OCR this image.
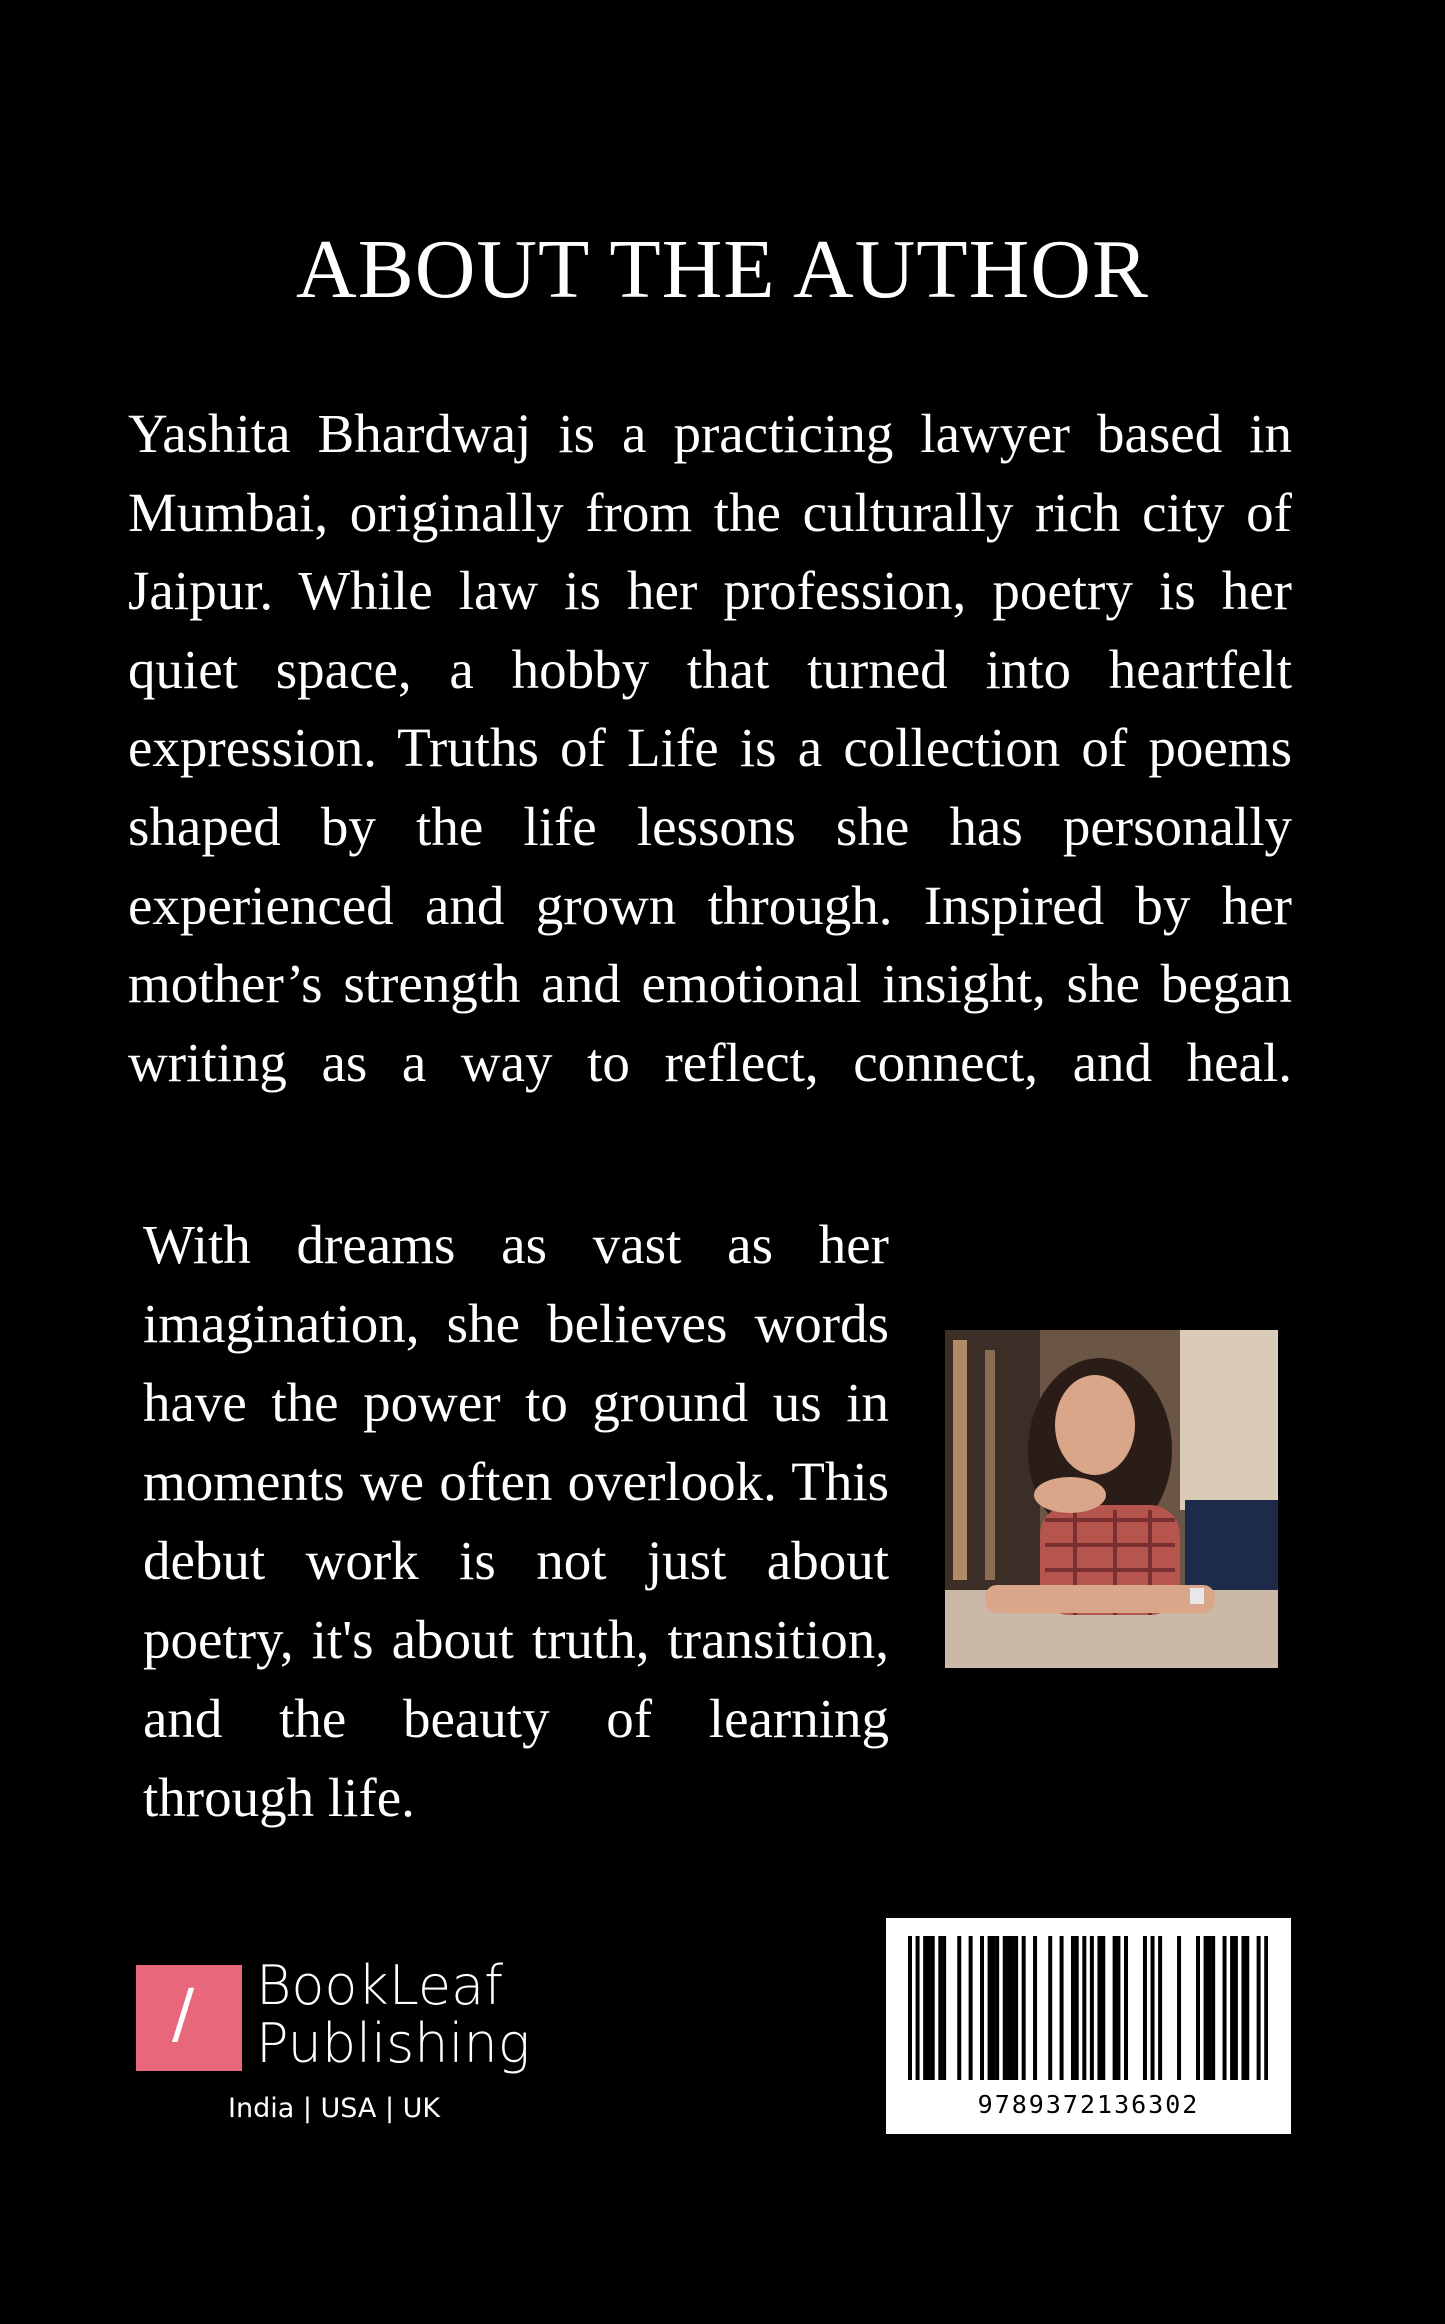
ABOUT THE AUTHOR

Yashita Bhardwaj is a practicing lawyer based in Mumbai, originally from the culturally rich city of Jaipur. While law is her profession, poetry is her quiet space, a hobby that turned into heartfelt expression. Truths of Life is a collection of poems shaped by the life lessons she has personally experienced and grown through. Inspired by her mother’s strength and emotional insight, she began writing as a way to reflect, connect, and heal.

With dreams as vast as her imagination, she believes words have the power to ground us in moments we often overlook. This debut work is not just about poetry, it's about truth, transition, and the beauty of learning through life.

/ BookLeaf
Publishing
India | USA | UK	9789372136302
